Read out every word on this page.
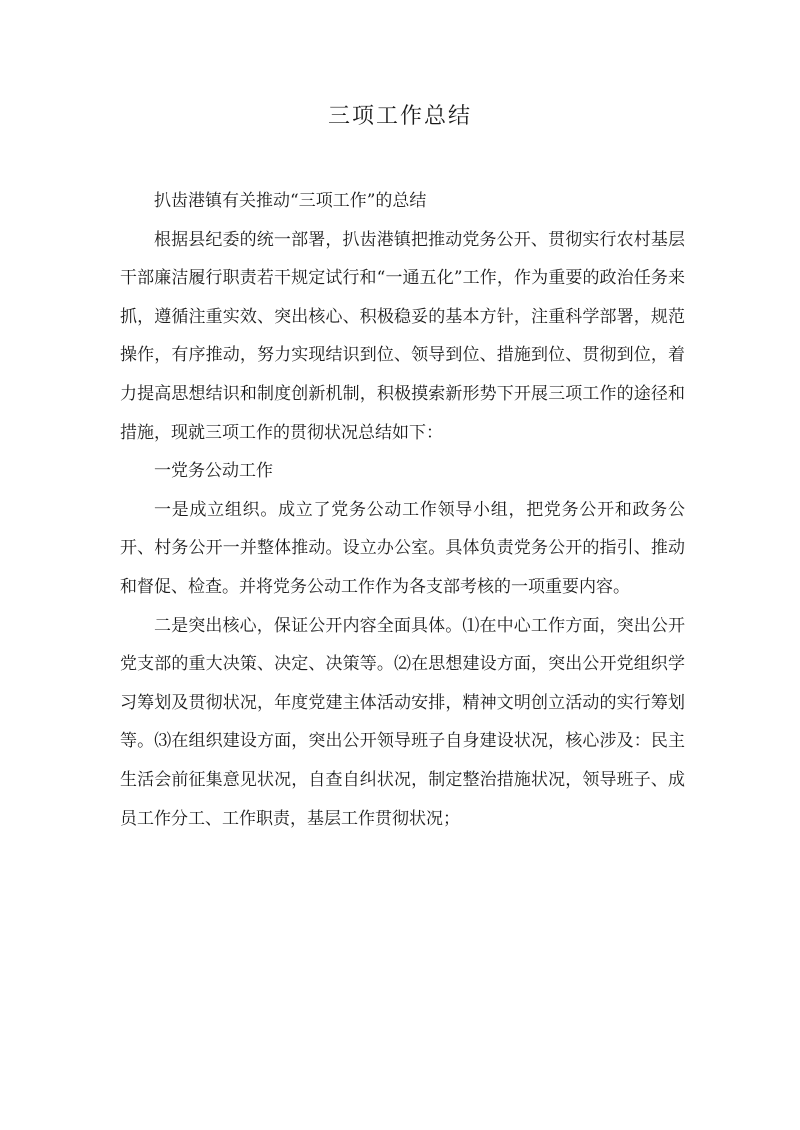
三项工作总结

扒齿港镇有关推动“三项工作”的总结

根据县纪委的统一部署，扒齿港镇把推动党务公开、贯彻实行农村基层干部廉洁履行职责若干规定试行和“一通五化”工作，作为重要的政治任务来抓，遵循注重实效、突出核心、积极稳妥的基本方针，注重科学部署，规范操作，有序推动，努力实现结识到位、领导到位、措施到位、贯彻到位，着力提高思想结识和制度创新机制，积极摸索新形势下开展三项工作的途径和措施，现就三项工作的贯彻状况总结如下：

一党务公动工作

一是成立组织。成立了党务公动工作领导小组，把党务公开和政务公开、村务公开一并整体推动。设立办公室。具体负责党务公开的指引、推动和督促、检查。并将党务公动工作作为各支部考核的一项重要内容。

二是突出核心，保证公开内容全面具体。⑴在中心工作方面，突出公开党支部的重大决策、决定、决策等。⑵在思想建设方面，突出公开党组织学习筹划及贯彻状况，年度党建主体活动安排，精神文明创立活动的实行筹划等。⑶在组织建设方面，突出公开领导班子自身建设状况，核心涉及：民主生活会前征集意见状况，自查自纠状况，制定整治措施状况，领导班子、成员工作分工、工作职责，基层工作贯彻状况；
